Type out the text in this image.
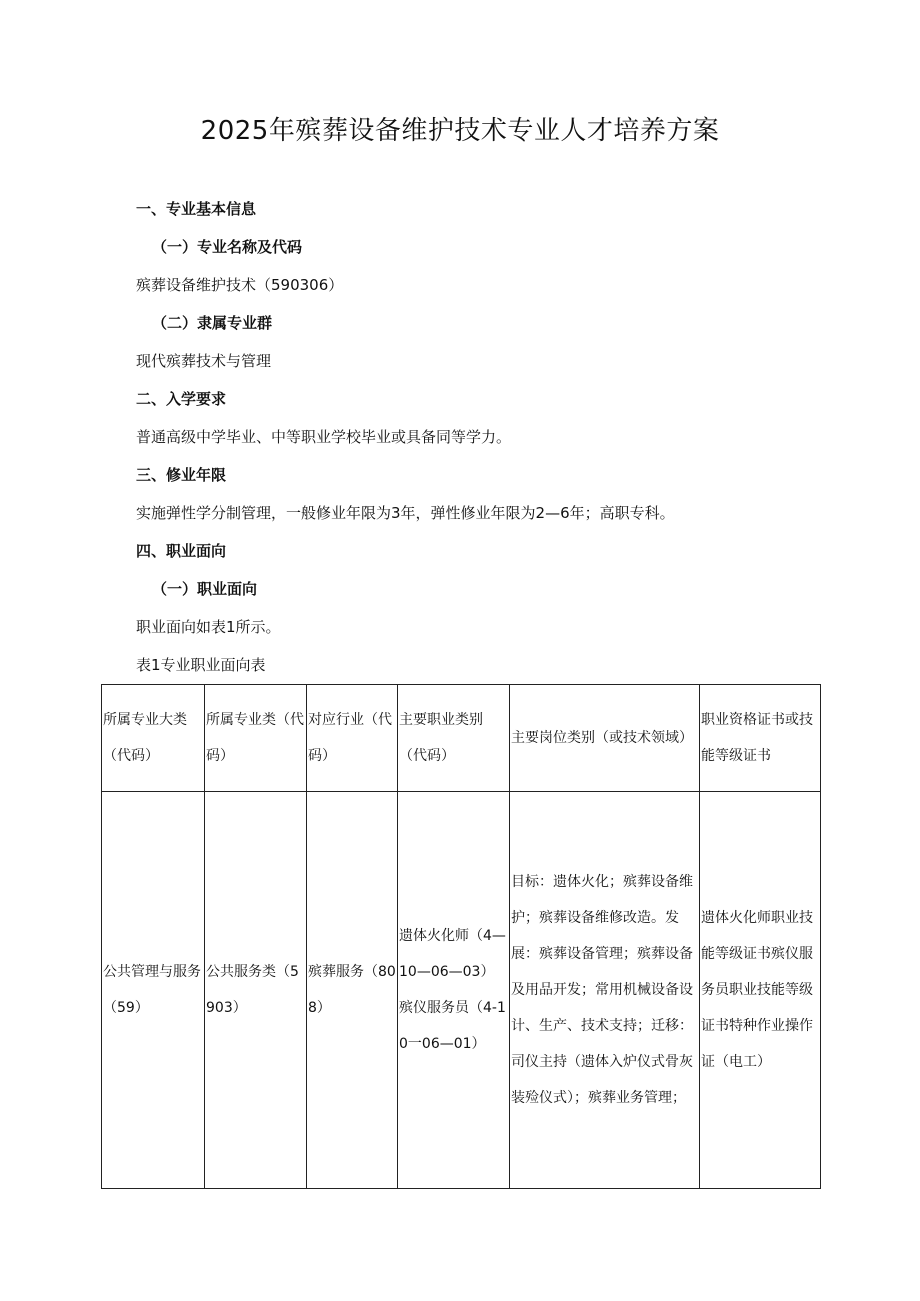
2025年殡葬设备维护技术专业人才培养方案
一、专业基本信息
（一）专业名称及代码
殡葬设备维护技术（590306）
（二）隶属专业群
现代殡葬技术与管理
二、入学要求
普通高级中学毕业、中等职业学校毕业或具备同等学力。
三、修业年限
实施弹性学分制管理，一般修业年限为3年，弹性修业年限为2—6年；高职专科。
四、职业面向
（一）职业面向
职业面向如表1所示。
表1专业职业面向表
所属专业大类（代码）	所属专业类（代码）	对应行业（代码）	主要职业类别（代码）	主要岗位类别（或技术领域）	职业资格证书或技能等级证书
公共管理与服务（59）	公共服务类（5903）	殡葬服务（808）	遗体火化师（4—10—06—03）殡仪服务员（4-10一06—01）	目标：遗体火化；殡葬设备维护；殡葬设备维修改造。发展：殡葬设备管理；殡葬设备及用品开发；常用机械设备设计、生产、技术支持；迁移：司仪主持（遗体入炉仪式骨灰装殓仪式）；殡葬业务管理；	遗体火化师职业技能等级证书殡仪服务员职业技能等级证书特种作业操作证（电工）
